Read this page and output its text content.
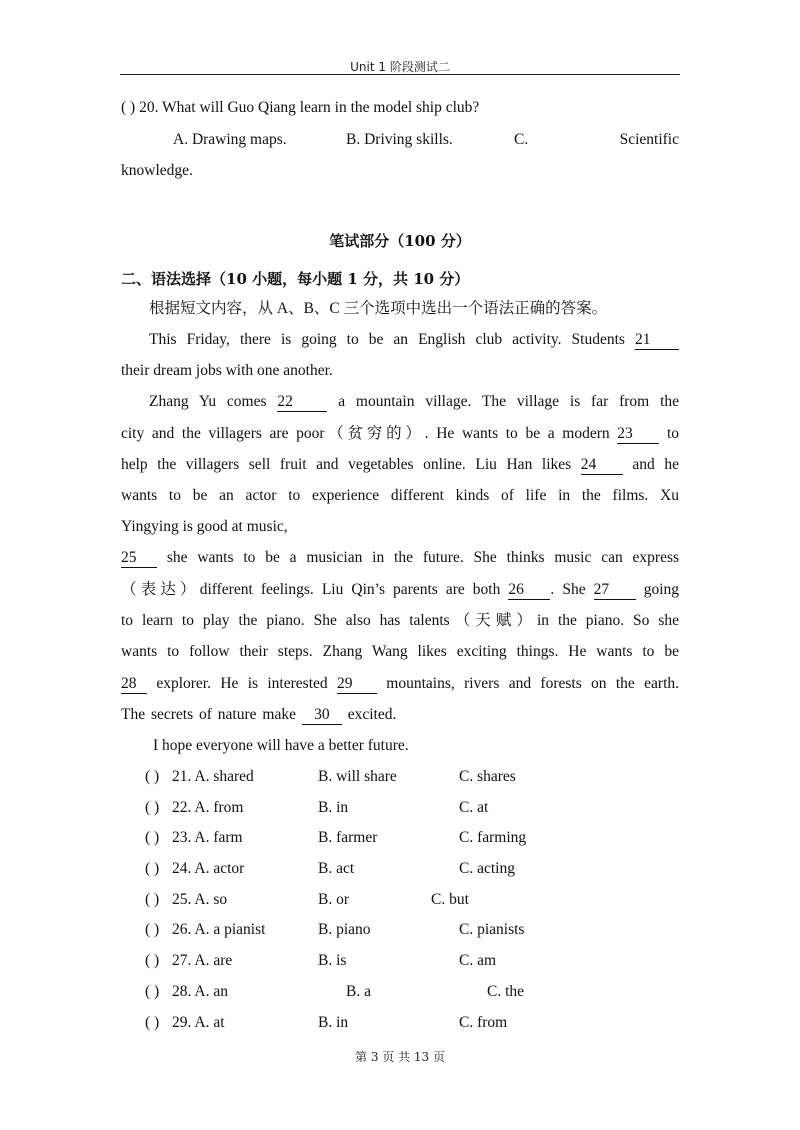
Unit 1 阶段测试二
( ) 20. What will Guo Qiang learn in the model ship club?
A. Drawing maps.	B. Driving skills.	C.	Scientific
knowledge.
笔试部分（100 分）
二、语法选择（10 小题，每小题 1 分，共 10 分）
根据短文内容，从 A、B、C 三个选项中选出一个语法正确的答案。
This Friday, there is going to be an English club activity. Students 21
their dream jobs with one another.
Zhang Yu comes 22	a mountain village. The village is far from the
city and the villagers are poor（贫穷的）. He wants to be a modern 23 to
help the villagers sell fruit and vegetables online. Liu Han likes 24 and he
wants to be an actor to experience different kinds of life in the films. Xu
Yingying is good at music,
25 she wants to be a musician in the future. She thinks music can express
（表达）different feelings. Liu Qin’s parents are both 26 . She 27 going
to learn to play the piano. She also has talents（天赋）in the piano. So she
wants to follow their steps. Zhang Wang likes exciting things. He wants to be
28 explorer. He is interested 29 mountains, rivers and forests on the earth.
The secrets of nature make 30 excited.
I hope everyone will have a better future.
( ) 21. A. shared	B. will share	C. shares
( ) 22. A. from	B. in	C. at
( ) 23. A. farm	B. farmer	C. farming
( ) 24. A. actor	B. act	C. acting
( ) 25. A. so	B. or	C. but
( ) 26. A. a pianist	B. piano	C. pianists
( ) 27. A. are	B. is	C. am
( ) 28. A. an	B. a	C. the
( ) 29. A. at	B. in	C. from
第 3 页 共 13 页
